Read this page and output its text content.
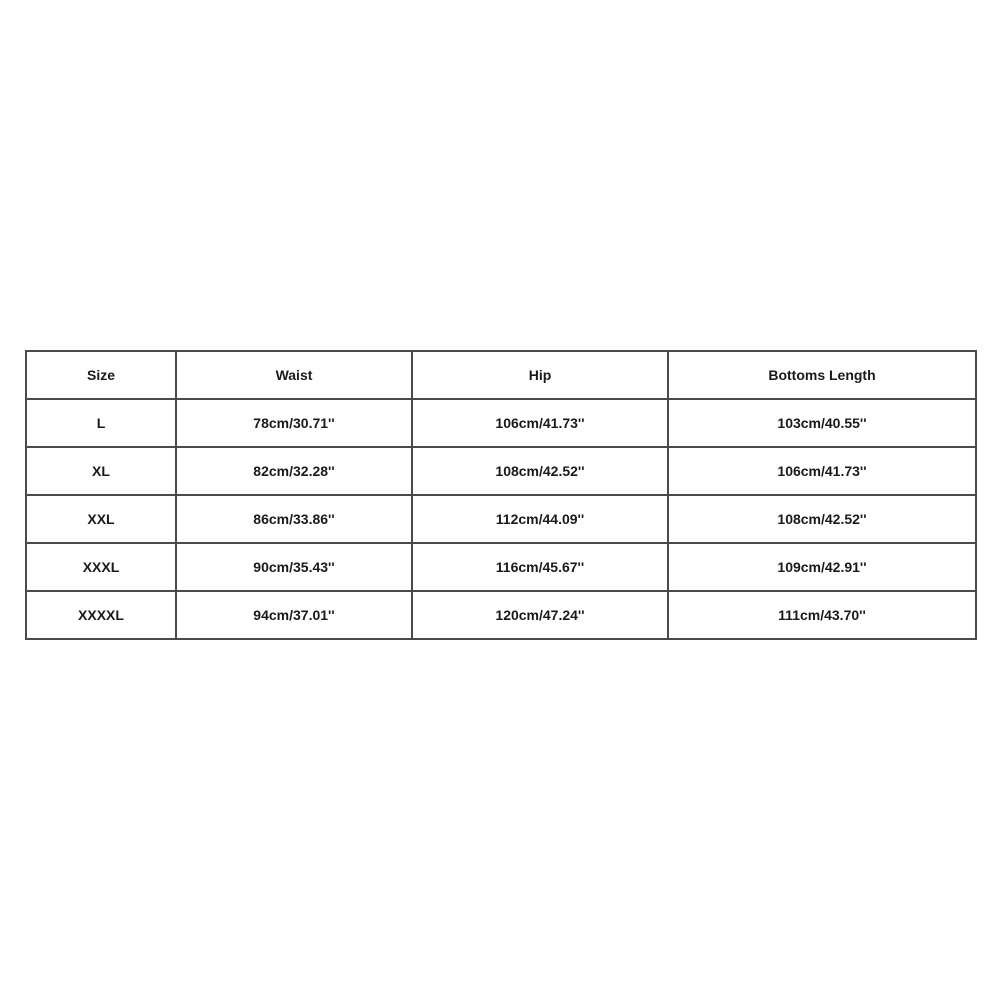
Size	Waist	Hip	Bottoms Length
L	78cm/30.71''	106cm/41.73''	103cm/40.55''
XL	82cm/32.28''	108cm/42.52''	106cm/41.73''
XXL	86cm/33.86''	112cm/44.09''	108cm/42.52''
XXXL	90cm/35.43''	116cm/45.67''	109cm/42.91''
XXXXL	94cm/37.01''	120cm/47.24''	111cm/43.70''
